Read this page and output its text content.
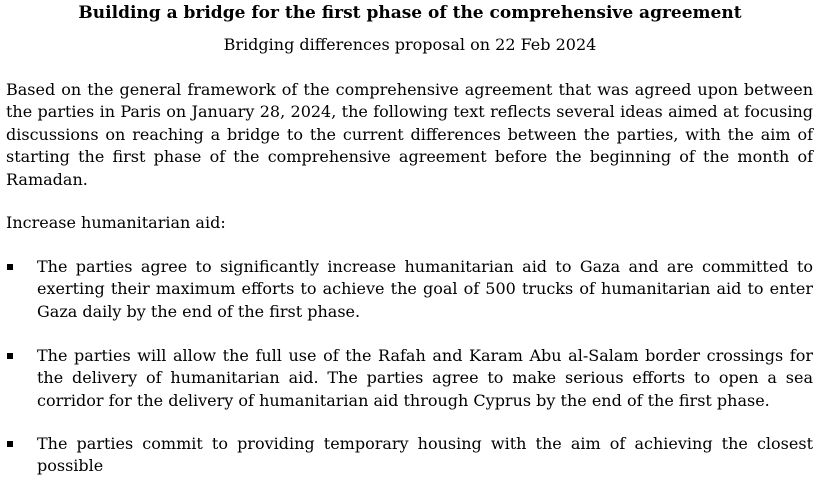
Building a bridge for the first phase of the comprehensive agreement

Bridging differences proposal on 22 Feb 2024

Based on the general framework of the comprehensive agreement that was agreed upon between the parties in Paris on January 28, 2024, the following text reflects several ideas aimed at focusing discussions on reaching a bridge to the current differences between the parties, with the aim of starting the first phase of the comprehensive agreement before the beginning of the month of Ramadan.

Increase humanitarian aid:

The parties agree to significantly increase humanitarian aid to Gaza and are committed to exerting their maximum efforts to achieve the goal of 500 trucks of humanitarian aid to enter Gaza daily by the end of the first phase.

The parties will allow the full use of the Rafah and Karam Abu al-Salam border crossings for the delivery of humanitarian aid. The parties agree to make serious efforts to open a sea corridor for the delivery of humanitarian aid through Cyprus by the end of the first phase.

The parties commit to providing temporary housing with the aim of achieving the closest possible
